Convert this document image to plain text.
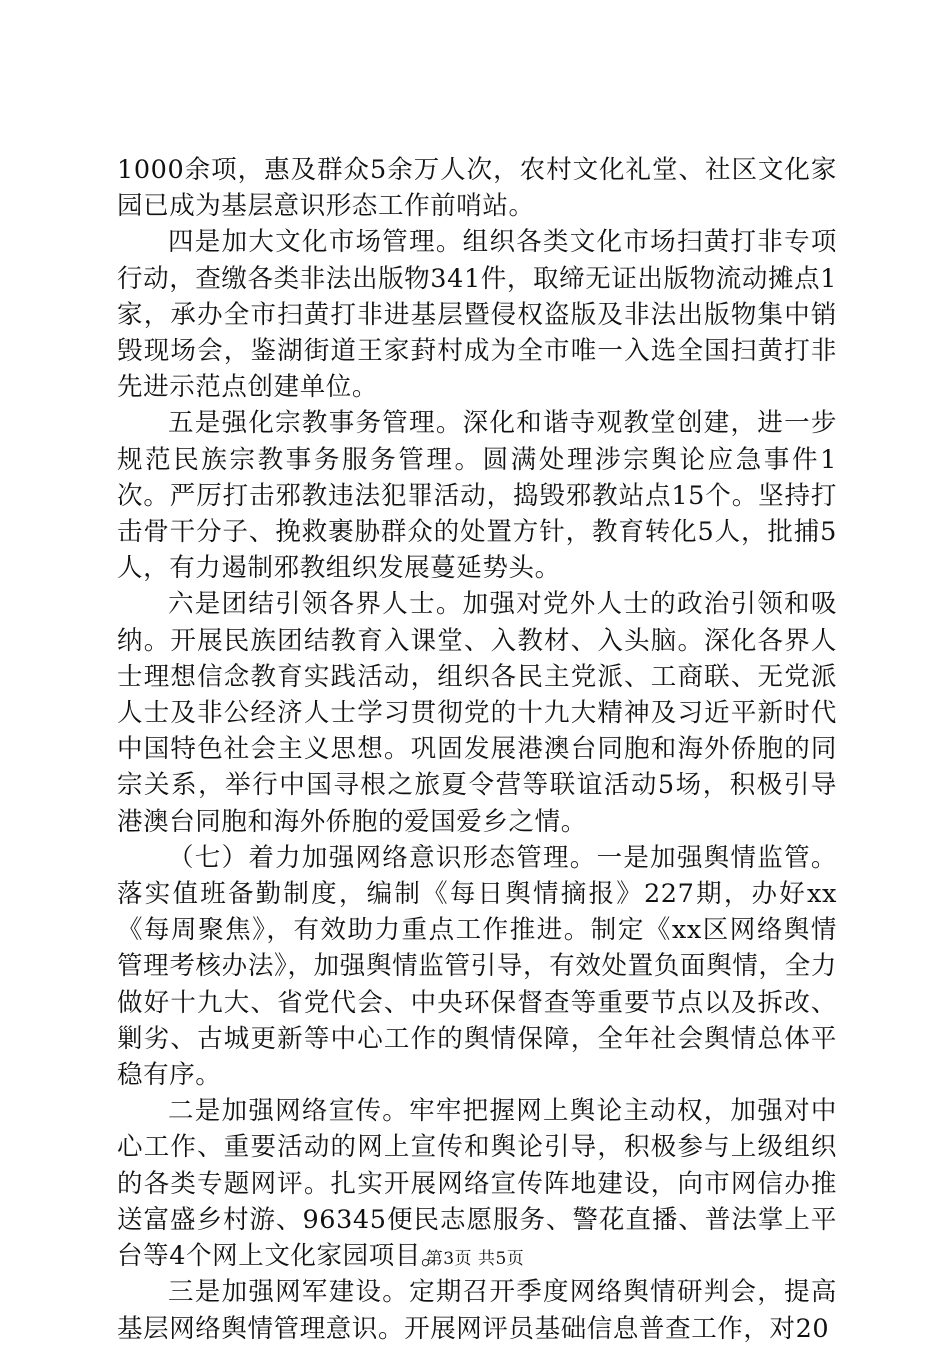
1000余项，惠及群众5余万人次，农村文化礼堂、社区文化家园已成为基层意识形态工作前哨站。

四是加大文化市场管理。组织各类文化市场扫黄打非专项行动，查缴各类非法出版物341件，取缔无证出版物流动摊点1家，承办全市扫黄打非进基层暨侵权盗版及非法出版物集中销毁现场会，鉴湖街道王家葑村成为全市唯一入选全国扫黄打非先进示范点创建单位。

五是强化宗教事务管理。深化和谐寺观教堂创建，进一步规范民族宗教事务服务管理。圆满处理涉宗舆论应急事件1次。严厉打击邪教违法犯罪活动，捣毁邪教站点15个。坚持打击骨干分子、挽救裹胁群众的处置方针，教育转化5人，批捕5人，有力遏制邪教组织发展蔓延势头。

六是团结引领各界人士。加强对党外人士的政治引领和吸纳。开展民族团结教育入课堂、入教材、入头脑。深化各界人士理想信念教育实践活动，组织各民主党派、工商联、无党派人士及非公经济人士学习贯彻党的十九大精神及习近平新时代中国特色社会主义思想。巩固发展港澳台同胞和海外侨胞的同宗关系，举行中国寻根之旅夏令营等联谊活动5场，积极引导港澳台同胞和海外侨胞的爱国爱乡之情。

（七）着力加强网络意识形态管理。一是加强舆情监管。落实值班备勤制度，编制《每日舆情摘报》227期，办好xx《每周聚焦》，有效助力重点工作推进。制定《xx区网络舆情管理考核办法》，加强舆情监管引导，有效处置负面舆情，全力做好十九大、省党代会、中央环保督查等重要节点以及拆改、剿劣、古城更新等中心工作的舆情保障，全年社会舆情总体平稳有序。

二是加强网络宣传。牢牢把握网上舆论主动权，加强对中心工作、重要活动的网上宣传和舆论引导，积极参与上级组织的各类专题网评。扎实开展网络宣传阵地建设，向市网信办推送富盛乡村游、96345便民志愿服务、警花直播、普法掌上平台等4个网上文化家园项目。

三是加强网军建设。定期召开季度网络舆情研判会，提高基层网络舆情管理意识。开展网评员基础信息普查工作，对20

第3页 共5页
